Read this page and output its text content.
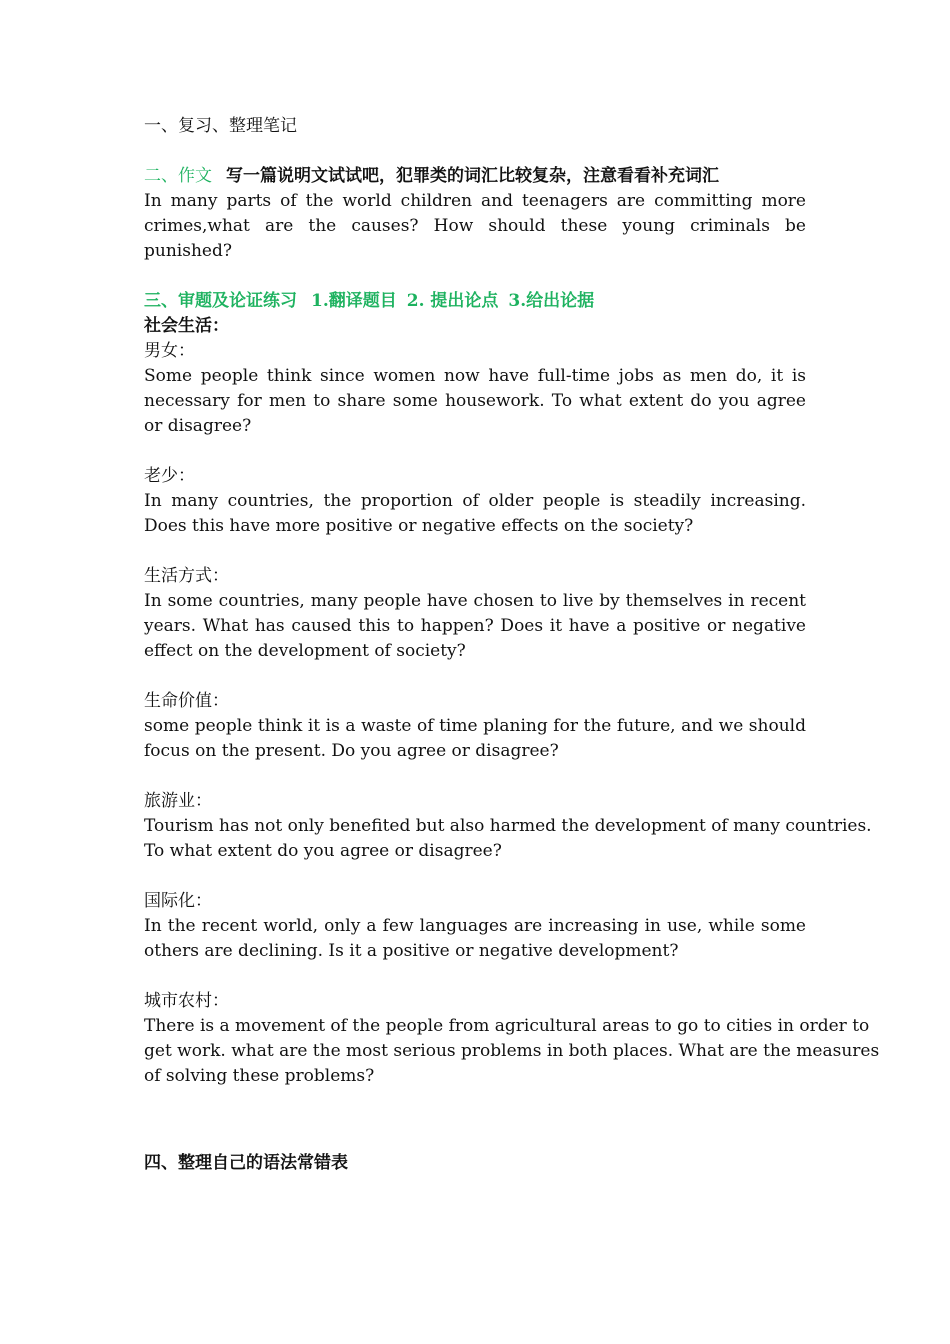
一、复习、整理笔记
二、作文 写一篇说明文试试吧，犯罪类的词汇比较复杂，注意看看补充词汇
In many parts of the world children and teenagers are committing more crimes,what are the causes? How should these young criminals be punished?
三、审题及论证练习 1.翻译题目 2. 提出论点 3.给出论据
社会生活：
男女：
Some people think since women now have full-time jobs as men do, it is necessary for men to share some housework. To what extent do you agree or disagree?
老少：
In many countries, the proportion of older people is steadily increasing. Does this have more positive or negative effects on the society?
生活方式：
In some countries, many people have chosen to live by themselves in recent years. What has caused this to happen? Does it have a positive or negative effect on the development of society?
生命价值：
some people think it is a waste of time planing for the future, and we should focus on the present. Do you agree or disagree?
旅游业：
Tourism has not only benefited but also harmed the development of many countries.
To what extent do you agree or disagree?
国际化：
In the recent world, only a few languages are increasing in use, while some others are declining. Is it a positive or negative development?
城市农村：
There is a movement of the people from agricultural areas to go to cities in order to
get work. what are the most serious problems in both places. What are the measures
of solving these problems?
四、整理自己的语法常错表
